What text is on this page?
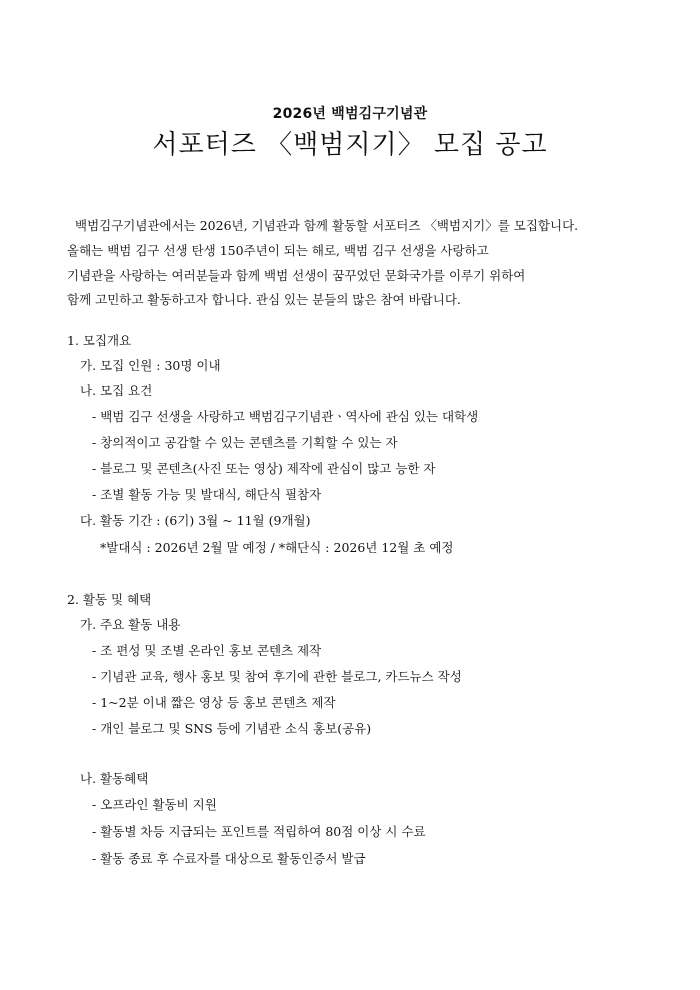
2026년 백범김구기념관
서포터즈 〈백범지기〉 모집 공고
백범김구기념관에서는 2026년, 기념관과 함께 활동할 서포터즈 〈백범지기〉를 모집합니다.
올해는 백범 김구 선생 탄생 150주년이 되는 해로, 백범 김구 선생을 사랑하고
기념관을 사랑하는 여러분들과 함께 백범 선생이 꿈꾸었던 문화국가를 이루기 위하여
함께 고민하고 활동하고자 합니다. 관심 있는 분들의 많은 참여 바랍니다.
1. 모집개요
가. 모집 인원 : 30명 이내
나. 모집 요건
- 백범 김구 선생을 사랑하고 백범김구기념관ㆍ역사에 관심 있는 대학생
- 창의적이고 공감할 수 있는 콘텐츠를 기획할 수 있는 자
- 블로그 및 콘텐츠(사진 또는 영상) 제작에 관심이 많고 능한 자
- 조별 활동 가능 및 발대식, 해단식 필참자
다. 활동 기간 : (6기) 3월 ~ 11월 (9개월)
*발대식 : 2026년 2월 말 예정 / *해단식 : 2026년 12월 초 예정
2. 활동 및 혜택
가. 주요 활동 내용
- 조 편성 및 조별 온라인 홍보 콘텐츠 제작
- 기념관 교육, 행사 홍보 및 참여 후기에 관한 블로그, 카드뉴스 작성
- 1~2분 이내 짧은 영상 등 홍보 콘텐츠 제작
- 개인 블로그 및 SNS 등에 기념관 소식 홍보(공유)
나. 활동혜택
- 오프라인 활동비 지원
- 활동별 차등 지급되는 포인트를 적립하여 80점 이상 시 수료
- 활동 종료 후 수료자를 대상으로 활동인증서 발급
